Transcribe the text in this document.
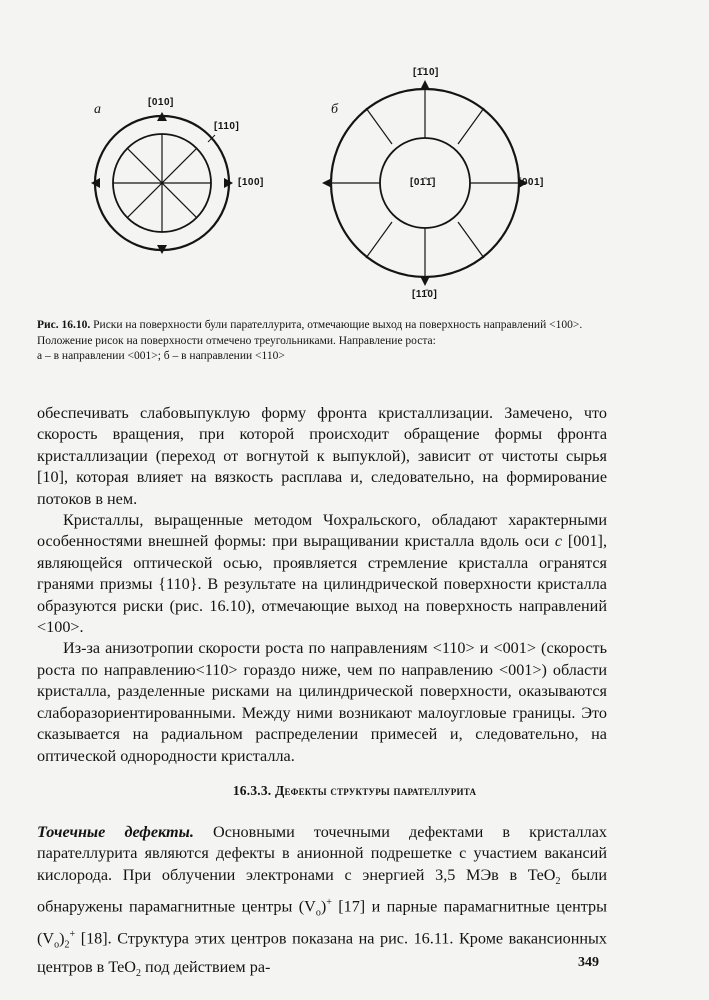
а	[010]
[110]
[100]
б
[1̄10]
[01̄1̄]	[001]
[11̄0]
Рис. 16.10. Риски на поверхности були парателлурита, отмечающие выход на поверхность направлений <100>. Положение рисок на поверхности отмечено треугольниками. Направление роста:
а – в направлении <001>; б – в направлении <110>

обеспечивать слабовыпуклую форму фронта кристаллизации. Замечено, что скорость вращения, при которой происходит обращение формы фронта кристаллизации (переход от вогнутой к выпуклой), зависит от чистоты сырья [10], которая влияет на вязкость расплава и, следовательно, на формирование потоков в нем.

Кристаллы, выращенные методом Чохральского, обладают характерными особенностями внешней формы: при выращивании кристалла вдоль оси c [001], являющейся оптической осью, проявляется стремление кристалла огранятся гранями призмы {110}. В результате на цилиндрической поверхности кристалла образуются риски (рис. 16.10), отмечающие выход на поверхность направлений <100>.

Из-за анизотропии скорости роста по направлениям <110> и <001> (скорость роста по направлению<110> гораздо ниже, чем по направлению <001>) области кристалла, разделенные рисками на цилиндрической поверхности, оказываются слаборазориентированными. Между ними возникают малоугловые границы. Это сказывается на радиальном распределении примесей и, следовательно, на оптической однородности кристалла.

16.3.3. Дефекты структуры парателлурита

Точечные дефекты. Основными точечными дефектами в кристаллах парателлурита являются дефекты в анионной подрешетке с участием вакансий кислорода. При облучении электронами с энергией 3,5 МЭв в TeO$_2$ были обнаружены парамагнитные центры $(V_o)^+$ [17] и парные парамагнитные центры $(V_o)_2^+$ [18]. Структура этих центров показана на рис. 16.11. Кроме вакансионных центров в TeO$_2$ под действием ра-	349
